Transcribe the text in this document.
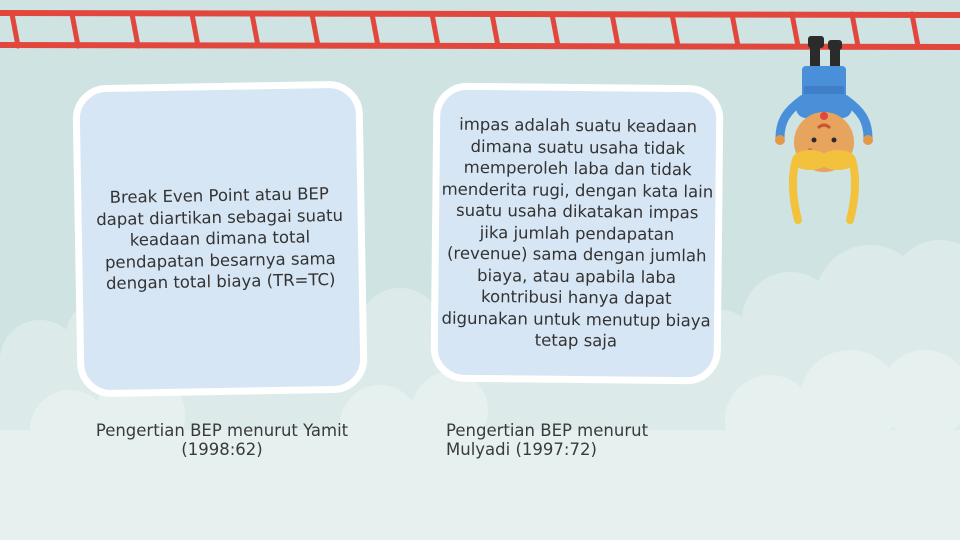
Break Even Point atau BEP dapat diartikan sebagai suatu keadaan dimana total pendapatan besarnya sama dengan total biaya (TR=TC)
Pengertian BEP menurut Yamit (1998:62)
impas adalah suatu keadaan dimana suatu usaha tidak memperoleh laba dan tidak menderita rugi, dengan kata lain suatu usaha dikatakan impas jika jumlah pendapatan (revenue) sama dengan jumlah biaya, atau apabila laba kontribusi hanya dapat digunakan untuk menutup biaya tetap saja
Pengertian BEP menurut Mulyadi (1997:72)
